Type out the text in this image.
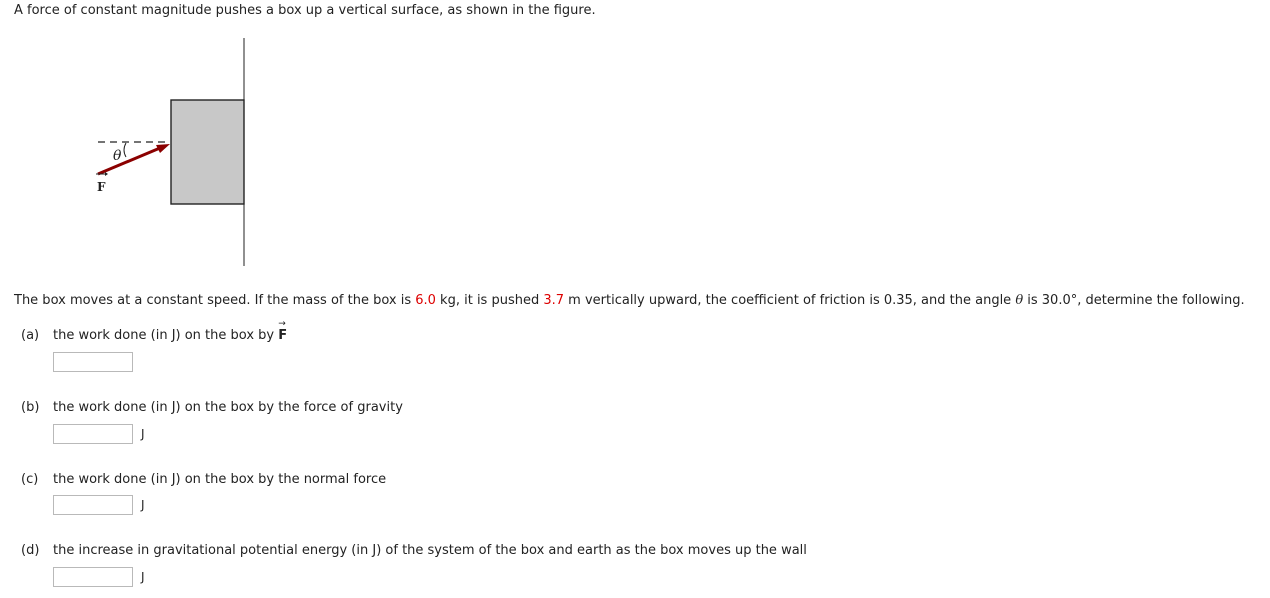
A force of constant magnitude pushes a box up a vertical surface, as shown in the figure.
θ
F
The box moves at a constant speed. If the mass of the box is 6.0 kg, it is pushed 3.7 m vertically upward, the coefficient of friction is 0.35, and the angle θ is 30.0°, determine the following.
(a) the work done (in J) on the box by
→
F
(b) the work done (in J) on the box by the force of gravity
J
(c) the work done (in J) on the box by the normal force
J
(d) the increase in gravitational potential energy (in J) of the system of the box and earth as the box moves up the wall
J
